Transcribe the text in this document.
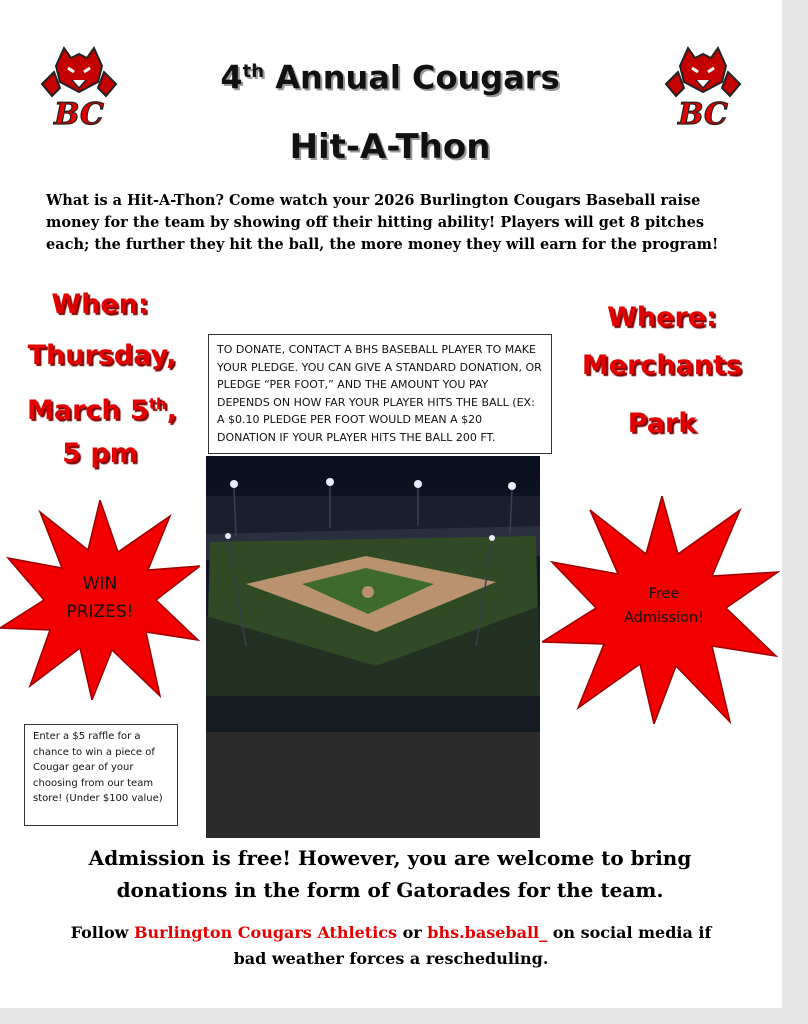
BC	BC
4th Annual Cougars
Hit-A-Thon
What is a Hit-A-Thon? Come watch your 2026 Burlington Cougars Baseball raise money for the team by showing off their hitting ability! Players will get 8 pitches each; the further they hit the ball, the more money they will earn for the program!
When:
Thursday,
March 5th,
5 pm
Where:
Merchants
Park
TO DONATE, CONTACT A BHS BASEBALL PLAYER TO MAKE YOUR PLEDGE. YOU CAN GIVE A STANDARD DONATION, OR PLEDGE “PER FOOT,” AND THE AMOUNT YOU PAY DEPENDS ON HOW FAR YOUR PLAYER HITS THE BALL (EX: A $0.10 PLEDGE PER FOOT WOULD MEAN A $20 DONATION IF YOUR PLAYER HITS THE BALL 200 FT.
WIN
PRIZES!
Free
Admission!
Enter a $5 raffle for a chance to win a piece of Cougar gear of your choosing from our team store! (Under $100 value)
Admission is free! However, you are welcome to bring
donations in the form of Gatorades for the team.
Follow Burlington Cougars Athletics or bhs.baseball_ on social media if
bad weather forces a rescheduling.
